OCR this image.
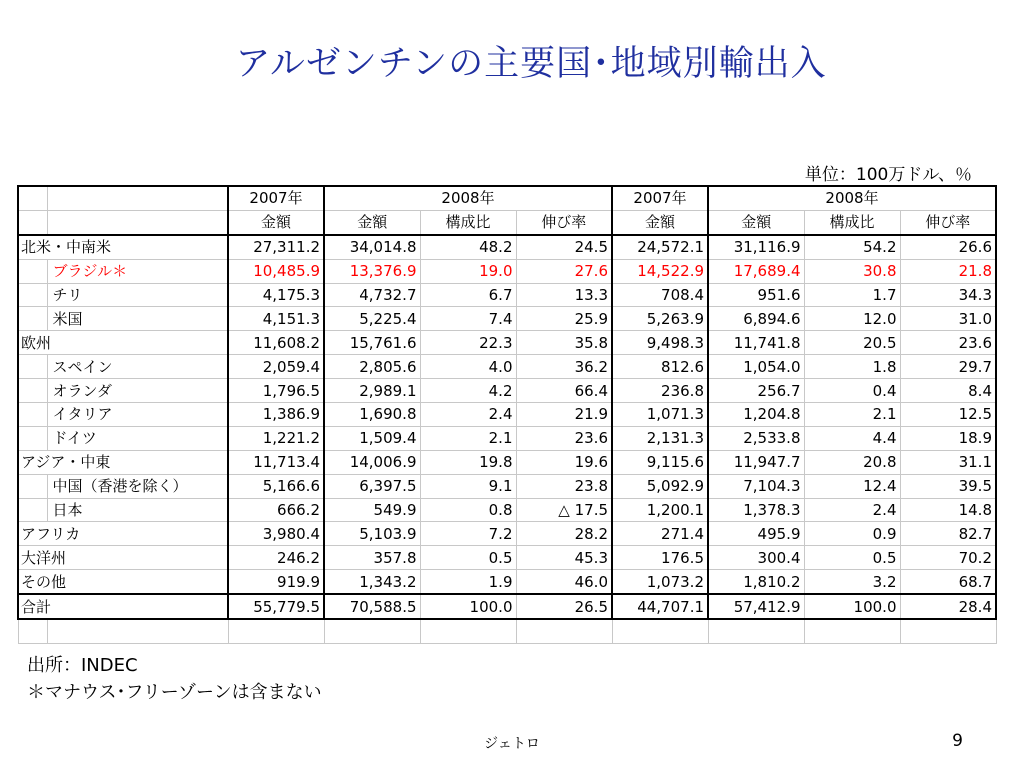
アルゼンチンの主要国･地域別輸出入
単位：100万ドル、％
		2007年	2008年			2007年	2008年		
		金額	金額	構成比	伸び率	金額	金額	構成比	伸び率
北米・中南米		27,311.2	34,014.8	48.2	24.5	24,572.1	31,116.9	54.2	26.6
	ブラジル＊	10,485.9	13,376.9	19.0	27.6	14,522.9	17,689.4	30.8	21.8
	チリ	4,175.3	4,732.7	6.7	13.3	708.4	951.6	1.7	34.3
	米国	4,151.3	5,225.4	7.4	25.9	5,263.9	6,894.6	12.0	31.0
欧州		11,608.2	15,761.6	22.3	35.8	9,498.3	11,741.8	20.5	23.6
	スペイン	2,059.4	2,805.6	4.0	36.2	812.6	1,054.0	1.8	29.7
	オランダ	1,796.5	2,989.1	4.2	66.4	236.8	256.7	0.4	8.4
	イタリア	1,386.9	1,690.8	2.4	21.9	1,071.3	1,204.8	2.1	12.5
	ドイツ	1,221.2	1,509.4	2.1	23.6	2,131.3	2,533.8	4.4	18.9
アジア・中東		11,713.4	14,006.9	19.8	19.6	9,115.6	11,947.7	20.8	31.1
	中国（香港を除く）	5,166.6	6,397.5	9.1	23.8	5,092.9	7,104.3	12.4	39.5
	日本	666.2	549.9	0.8	△ 17.5	1,200.1	1,378.3	2.4	14.8
アフリカ		3,980.4	5,103.9	7.2	28.2	271.4	495.9	0.9	82.7
大洋州		246.2	357.8	0.5	45.3	176.5	300.4	0.5	70.2
その他		919.9	1,343.2	1.9	46.0	1,073.2	1,810.2	3.2	68.7
合計		55,779.5	70,588.5	100.0	26.5	44,707.1	57,412.9	100.0	28.4

出所：INDEC
＊マナウス･フリーゾーンは含まない
ジェトロ	9
